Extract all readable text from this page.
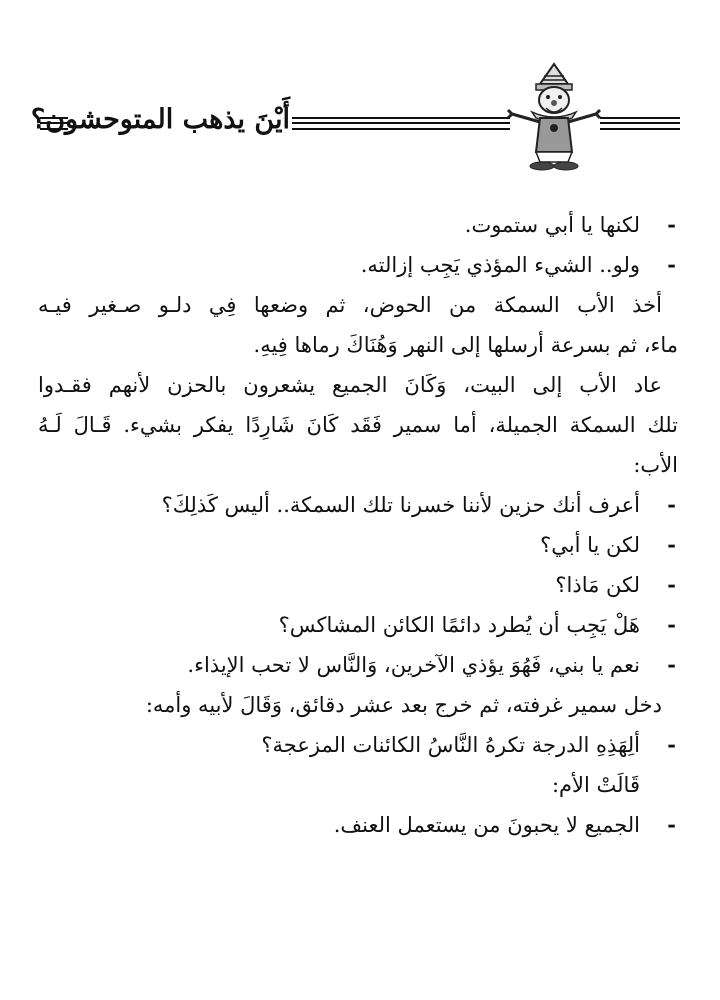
أَيْنَ يذهب المتوحشون؟
- لكنها يا أبي ستموت.
- ولو.. الشيء المؤذي يَجِب إزالته.
أخذ الأب السمكة من الحوض، ثم وضعها فِي دلـو صـغير فيـه
ماء، ثم بسرعة أرسلها إلى النهر وَهُنَاكَ رماها فِيهِ.
عاد الأب إلى البيت، وَكَانَ الجميع يشعرون بالحزن لأنهم فقـدوا
تلك السمكة الجميلة، أما سمير فَقَد كَانَ شَارِدًا يفكر بشيء. قَـالَ لَـهُ
الأب:
- أعرف أنك حزين لأننا خسرنا تلك السمكة.. أليس كَذلِكَ؟
- لكن يا أبي؟
- لكن مَاذا؟
- هَلْ يَجِب أن يُطرد دائمًا الكائن المشاكس؟
- نعم يا بني، فَهُوَ يؤذي الآخرين، وَالنَّاس لا تحب الإيذاء.
دخل سمير غرفته، ثم خرج بعد عشر دقائق، وَقَالَ لأبيه وأمه:
- ألِهَذِهِ الدرجة تكرهُ النَّاسُ الكائنات المزعجة؟
قَالَتْ الأم:
- الجميع لا يحبونَ من يستعمل العنف.
